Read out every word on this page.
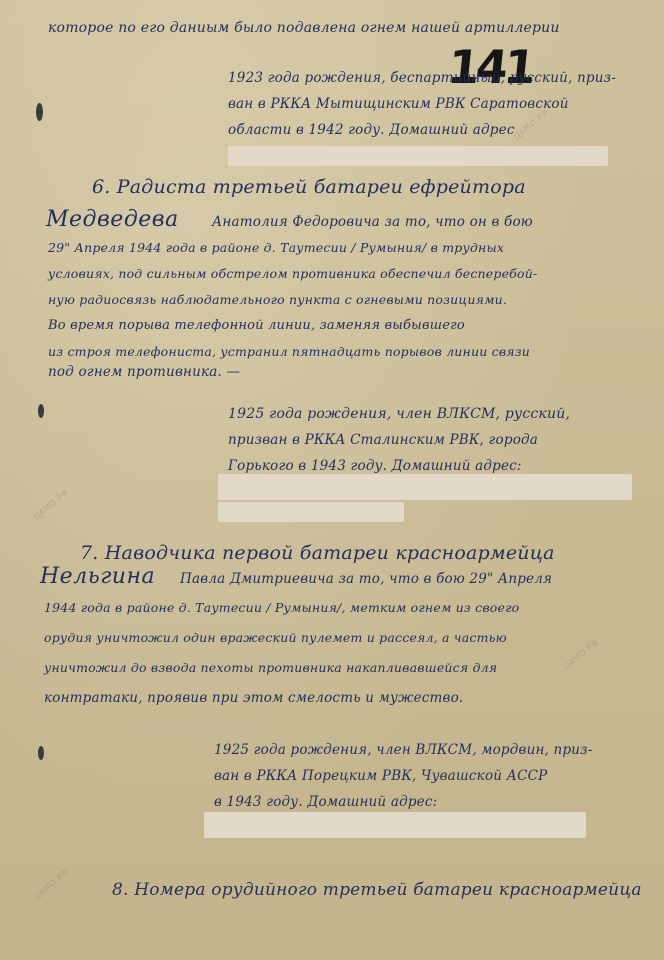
ЦАМО РФ
ЦАМО РФ
ЦАМО РФ
ЦАМО РФ
которое по его даниым было подавлена огнем нашей артиллерии
141
1923 года рождения, беспартийный, русский, приз-
ван в РККА Мытищинским РВК Саратовской
области в 1942 году. Домашний адрес
6. Радиста третьей батареи ефрейтора
Медведева Анатолия Федоровича за то, что он в бою
29" Апреля 1944 года в районе д. Таутесии / Румыния/ в трудных
условиях, под сильным обстрелом противника обеспечил бесперебой-
ную радиосвязь наблюдательного пункта с огневыми позициями.
Во время порыва телефонной линии, заменяя выбывшего
из строя телефониста, устранил пятнадцать порывов линии связи
под огнем противника. —
1925 года рождения, член ВЛКСМ, русский,
призван в РККА Сталинским РВК, города
Горького в 1943 году. Домашний адрес:
7. Наводчика первой батареи красноармейца
Нельгина Павла Дмитриевича за то, что в бою 29" Апреля
1944 года в районе д. Таутесии / Румыния/, метким огнем из своего
орудия уничтожил один вражеский пулемет и рассеял, а частью
уничтожил до взвода пехоты противника накапливавшейся для
контратаки, проявив при этом смелость и мужество.
1925 года рождения, член ВЛКСМ, мордвин, приз-
ван в РККА Порецким РВК, Чувашской АССР
в 1943 году. Домашний адрес:
8. Номера орудийного третьей батареи красноармейца
